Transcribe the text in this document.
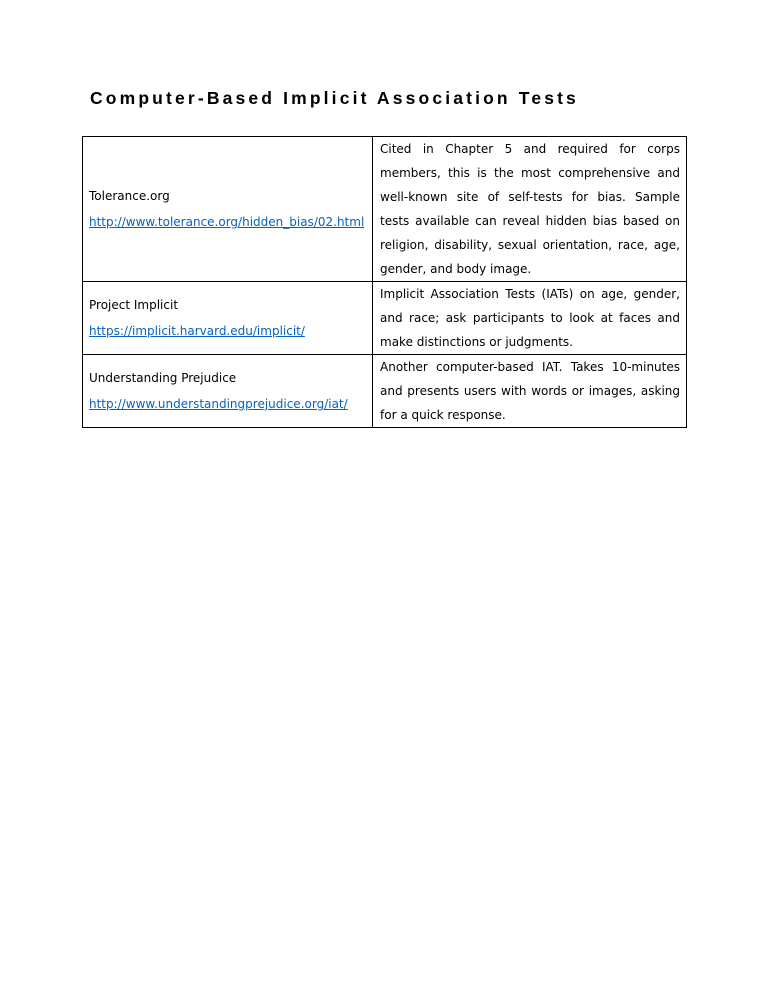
Computer-Based Implicit Association Tests
Tolerance.org
http://www.tolerance.org/hidden_bias/02.html	Cited in Chapter 5 and required for corps members, this is the most comprehensive and well-known site of self-tests for bias. Sample tests available can reveal hidden bias based on religion, disability, sexual orientation, race, age, gender, and body image.

Project Implicit
https://implicit.harvard.edu/implicit/	Implicit Association Tests (IATs) on age, gender, and race; ask participants to look at faces and make distinctions or judgments.

Understanding Prejudice
http://www.understandingprejudice.org/iat/	Another computer-based IAT. Takes 10-minutes and presents users with words or images, asking for a quick response.
